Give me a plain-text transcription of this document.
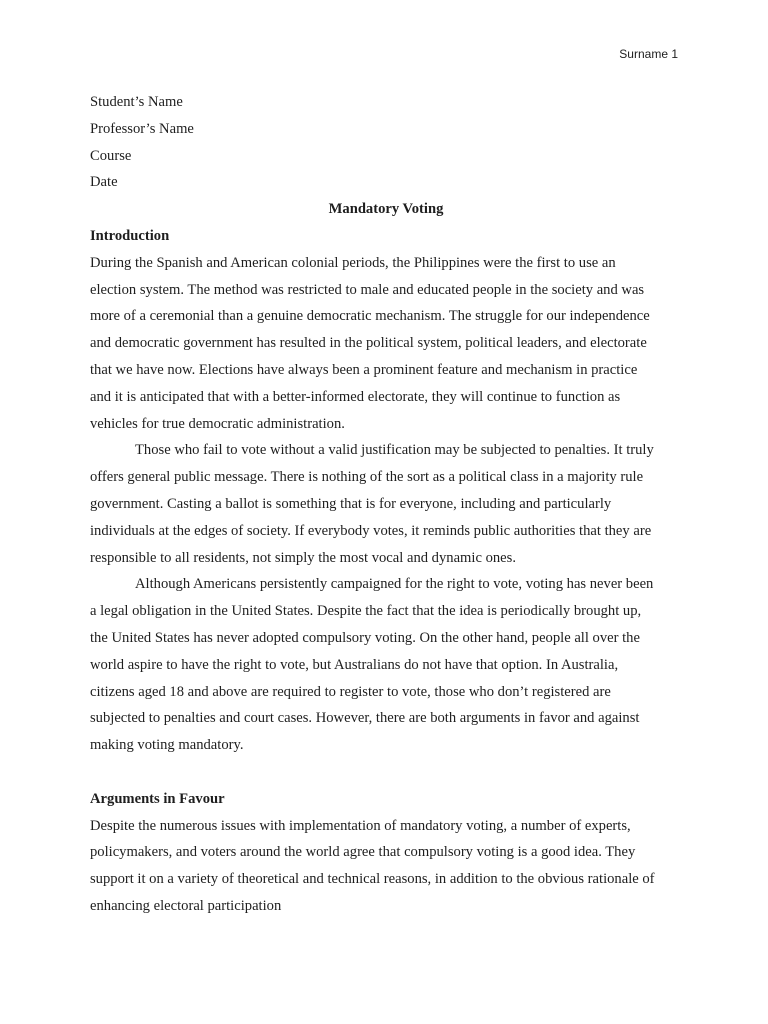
Surname 1
Student’s Name
Professor’s Name
Course
Date
Mandatory Voting
Introduction
During the Spanish and American colonial periods, the Philippines were the first to use an
election system. The method was restricted to male and educated people in the society and was
more of a ceremonial than a genuine democratic mechanism. The struggle for our independence
and democratic government has resulted in the political system, political leaders, and electorate
that we have now. Elections have always been a prominent feature and mechanism in practice
and it is anticipated that with a better-informed electorate, they will continue to function as
vehicles for true democratic administration.
Those who fail to vote without a valid justification may be subjected to penalties. It truly
offers general public message. There is nothing of the sort as a political class in a majority rule
government. Casting a ballot is something that is for everyone, including and particularly
individuals at the edges of society. If everybody votes, it reminds public authorities that they are
responsible to all residents, not simply the most vocal and dynamic ones.
Although Americans persistently campaigned for the right to vote, voting has never been
a legal obligation in the United States. Despite the fact that the idea is periodically brought up,
the United States has never adopted compulsory voting. On the other hand, people all over the
world aspire to have the right to vote, but Australians do not have that option. In Australia,
citizens aged 18 and above are required to register to vote, those who don’t registered are
subjected to penalties and court cases. However, there are both arguments in favor and against
making voting mandatory.
Arguments in Favour
Despite the numerous issues with implementation of mandatory voting, a number of experts,
policymakers, and voters around the world agree that compulsory voting is a good idea. They
support it on a variety of theoretical and technical reasons, in addition to the obvious rationale of
enhancing electoral participation
